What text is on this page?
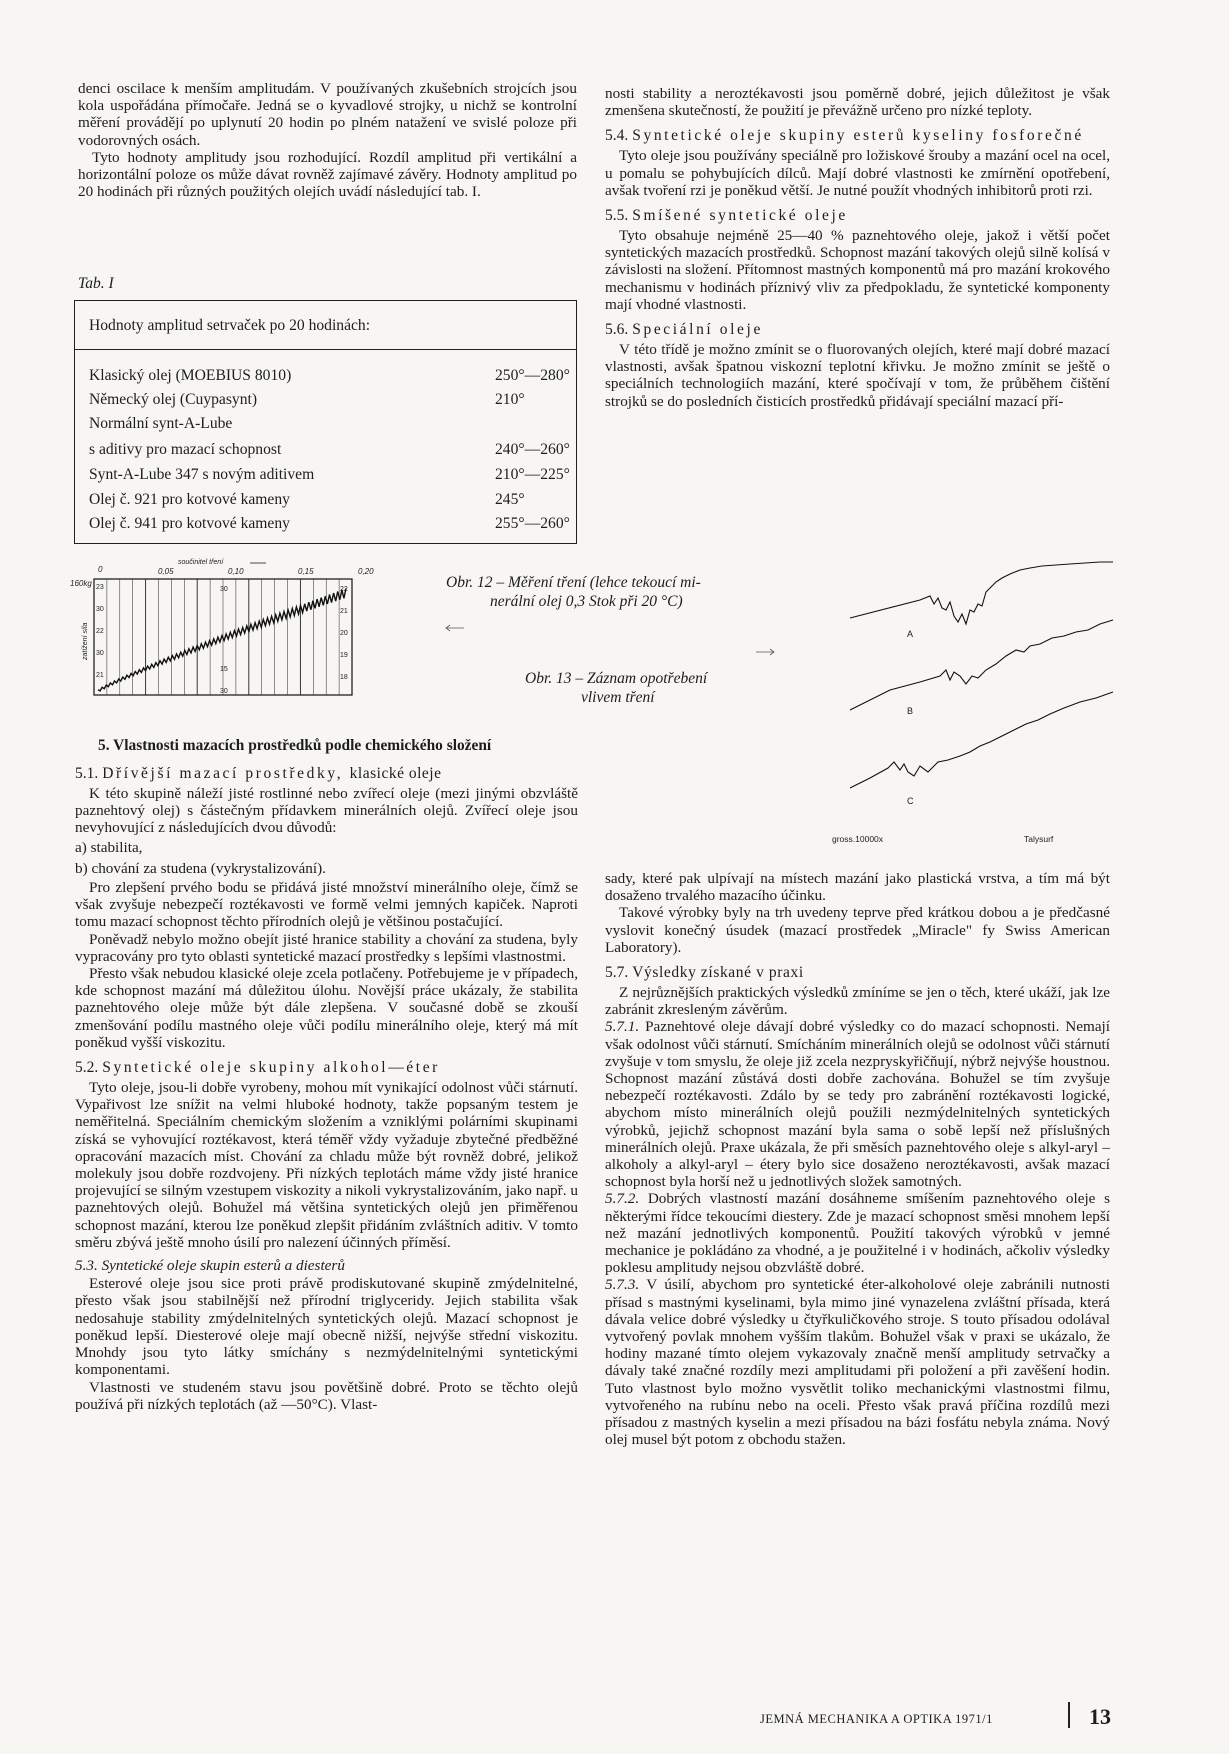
denci oscilace k menším amplitudám. V používaných zkušebních strojcích jsou kola uspořádána přímočaře. Jedná se o kyvadlové strojky, u nichž se kontrolní měření provádějí po uplynutí 20 hodin po plném natažení ve svislé poloze při vodorovných osách.

Tyto hodnoty amplitudy jsou rozhodující. Rozdíl amplitud při vertikální a horizontální poloze os může dávat rovněž zajímavé závěry. Hodnoty amplitud po 20 hodinách při různých použitých olejích uvádí následující tab. I.

Tab. I
Hodnoty amplitud setrvaček po 20 hodinách:
Klasický olej (MOEBIUS 8010)	250°—280°
Německý olej (Cuypasynt)	210°
Normální synt-A-Lube
s aditivy pro mazací schopnost	240°—260°
Synt-A-Lube 347 s novým aditivem	210°—225°
Olej č. 921 pro kotvové kameny	245°
Olej č. 941 pro kotvové kameny	255°—260°

nosti stability a neroztékavosti jsou poměrně dobré, jejich důležitost je však zmenšena skutečností, že použití je převážně určeno pro nízké teploty.

5.4. Syntetické oleje skupiny esterů kyseliny fosforečné

Tyto oleje jsou používány speciálně pro ložiskové šrouby a mazání ocel na ocel, u pomalu se pohybujících dílců. Mají dobré vlastnosti ke zmírnění opotřebení, avšak tvoření rzi je poněkud větší. Je nutné použít vhodných inhibitorů proti rzi.

5.5. Smíšené syntetické oleje

Tyto obsahuje nejméně 25—40 % paznehtového oleje, jakož i větší počet syntetických mazacích prostředků. Schopnost mazání takových olejů silně kolísá v závislosti na složení. Přítomnost mastných komponentů má pro mazání krokového mechanismu v hodinách příznivý vliv za předpokladu, že syntetické komponenty mají vhodné vlastnosti.

5.6. Speciální oleje

V této třídě je možno zmínit se o fluorovaných olejích, které mají dobré mazací vlastnosti, avšak špatnou viskozní teplotní křivku. Je možno zmínit se ještě o speciálních technologiích mazání, které spočívají v tom, že průběhem čištění strojků se do posledních čisticích prostředků přidávají speciální mazací pří-

součinitel tření
0	0,05	0,10	0,15	0,20
160kg
zatížení síla
23
30
22
30
21
22
21
20
19
18
30
15
30
Obr. 12 – Měření tření (lehce tekoucí mi-
nerální olej 0,3 Stok při 20 °C)
Obr. 13 – Záznam opotřebení
vlivem tření
A
B
C
gross.10000x	Talysurf
5. Vlastnosti mazacích prostředků podle chemického složení
5.1. Dřívější mazací prostředky, klasické oleje

K této skupině náleží jisté rostlinné nebo zvířecí oleje (mezi jinými obzvláště paznehtový olej) s částečným přídavkem minerálních olejů. Zvířecí oleje jsou nevyhovující z následujících dvou důvodů:

a) stabilita,

b) chování za studena (vykrystalizování).

Pro zlepšení prvého bodu se přidává jisté množství minerálního oleje, čímž se však zvyšuje nebezpečí roztékavosti ve formě velmi jemných kapiček. Naproti tomu mazací schopnost těchto přírodních olejů je většinou postačující.

Poněvadž nebylo možno obejít jisté hranice stability a chování za studena, byly vypracovány pro tyto oblasti syntetické mazací prostředky s lepšími vlastnostmi.

Přesto však nebudou klasické oleje zcela potlačeny. Potřebujeme je v případech, kde schopnost mazání má důležitou úlohu. Novější práce ukázaly, že stabilita paznehtového oleje může být dále zlepšena. V současné době se zkouší zmenšování podílu mastného oleje vůči podílu minerálního oleje, který má mít poněkud vyšší viskozitu.

5.2. Syntetické oleje skupiny alkohol—éter

Tyto oleje, jsou-li dobře vyrobeny, mohou mít vynikající odolnost vůči stárnutí. Vypařivost lze snížit na velmi hluboké hodnoty, takže popsaným testem je neměřitelná. Speciálním chemickým složením a vzniklými polárními skupinami získá se vyhovující roztékavost, která téměř vždy vyžaduje zbytečné předběžné opracování mazacích míst. Chování za chladu může být rovněž dobré, jelikož molekuly jsou dobře rozdvojeny. Při nízkých teplotách máme vždy jisté hranice projevující se silným vzestupem viskozity a nikoli vykrystalizováním, jako např. u paznehtových olejů. Bohužel má většina syntetických olejů jen přiměřenou schopnost mazání, kterou lze poněkud zlepšit přidáním zvláštních aditiv. V tomto směru zbývá ještě mnoho úsilí pro nalezení účinných příměsí.

5.3. Syntetické oleje skupin esterů a diesterů

Esterové oleje jsou sice proti právě prodiskutované skupině zmýdelnitelné, přesto však jsou stabilnější než přírodní triglyceridy. Jejich stabilita však nedosahuje stability zmýdelnitelných syntetických olejů. Mazací schopnost je poněkud lepší. Diesterové oleje mají obecně nižší, nejvýše střední viskozitu. Mnohdy jsou tyto látky smíchány s nezmýdelnitelnými syntetickými komponentami.

Vlastnosti ve studeném stavu jsou povětšině dobré. Proto se těchto olejů používá při nízkých teplotách (až —50°C). Vlast-

sady, které pak ulpívají na místech mazání jako plastická vrstva, a tím má být dosaženo trvalého mazacího účinku.

Takové výrobky byly na trh uvedeny teprve před krátkou dobou a je předčasné vyslovit konečný úsudek (mazací prostředek „Miracle" fy Swiss American Laboratory).

5.7. Výsledky získané v praxi

Z nejrůznějších praktických výsledků zmíníme se jen o těch, které ukáží, jak lze zabránit zkresleným závěrům.

5.7.1. Paznehtové oleje dávají dobré výsledky co do mazací schopnosti. Nemají však odolnost vůči stárnutí. Smícháním minerálních olejů se odolnost vůči stárnutí zvyšuje v tom smyslu, že oleje již zcela nezpryskyřičňují, nýbrž nejvýše houstnou. Schopnost mazání zůstává dosti dobře zachována. Bohužel se tím zvyšuje nebezpečí roztékavosti. Zdálo by se tedy pro zabránění roztékavosti logické, abychom místo minerálních olejů použili nezmýdelnitelných syntetických výrobků, jejichž schopnost mazání byla sama o sobě lepší než příslušných minerálních olejů. Praxe ukázala, že při směsích paznehtového oleje s alkyl-aryl – alkoholy a alkyl-aryl – étery bylo sice dosaženo neroztékavosti, avšak mazací schopnost byla horší než u jednotlivých složek samotných.

5.7.2. Dobrých vlastností mazání dosáhneme smíšením paznehtového oleje s některými řídce tekoucími diestery. Zde je mazací schopnost směsi mnohem lepší než mazání jednotlivých komponentů. Použití takových výrobků v jemné mechanice je pokládáno za vhodné, a je použitelné i v hodinách, ačkoliv výsledky poklesu amplitudy nejsou obzvláště dobré.

5.7.3. V úsilí, abychom pro syntetické éter-alkoholové oleje zabránili nutnosti přísad s mastnými kyselinami, byla mimo jiné vynazelena zvláštní přísada, která dávala velice dobré výsledky u čtyřkuličkového stroje. S touto přísadou odolával vytvořený povlak mnohem vyšším tlakům. Bohužel však v praxi se ukázalo, že hodiny mazané tímto olejem vykazovaly značně menší amplitudy setrvačky a dávaly také značné rozdíly mezi amplitudami při položení a při zavěšení hodin. Tuto vlastnost bylo možno vysvětlit toliko mechanickými vlastnostmi filmu, vytvořeného na rubínu nebo na oceli. Přesto však pravá příčina rozdílů mezi přísadou z mastných kyselin a mezi přísadou na bázi fosfátu nebyla známa. Nový olej musel být potom z obchodu stažen.

JEMNÁ MECHANIKA A OPTIKA 1971/1	13
